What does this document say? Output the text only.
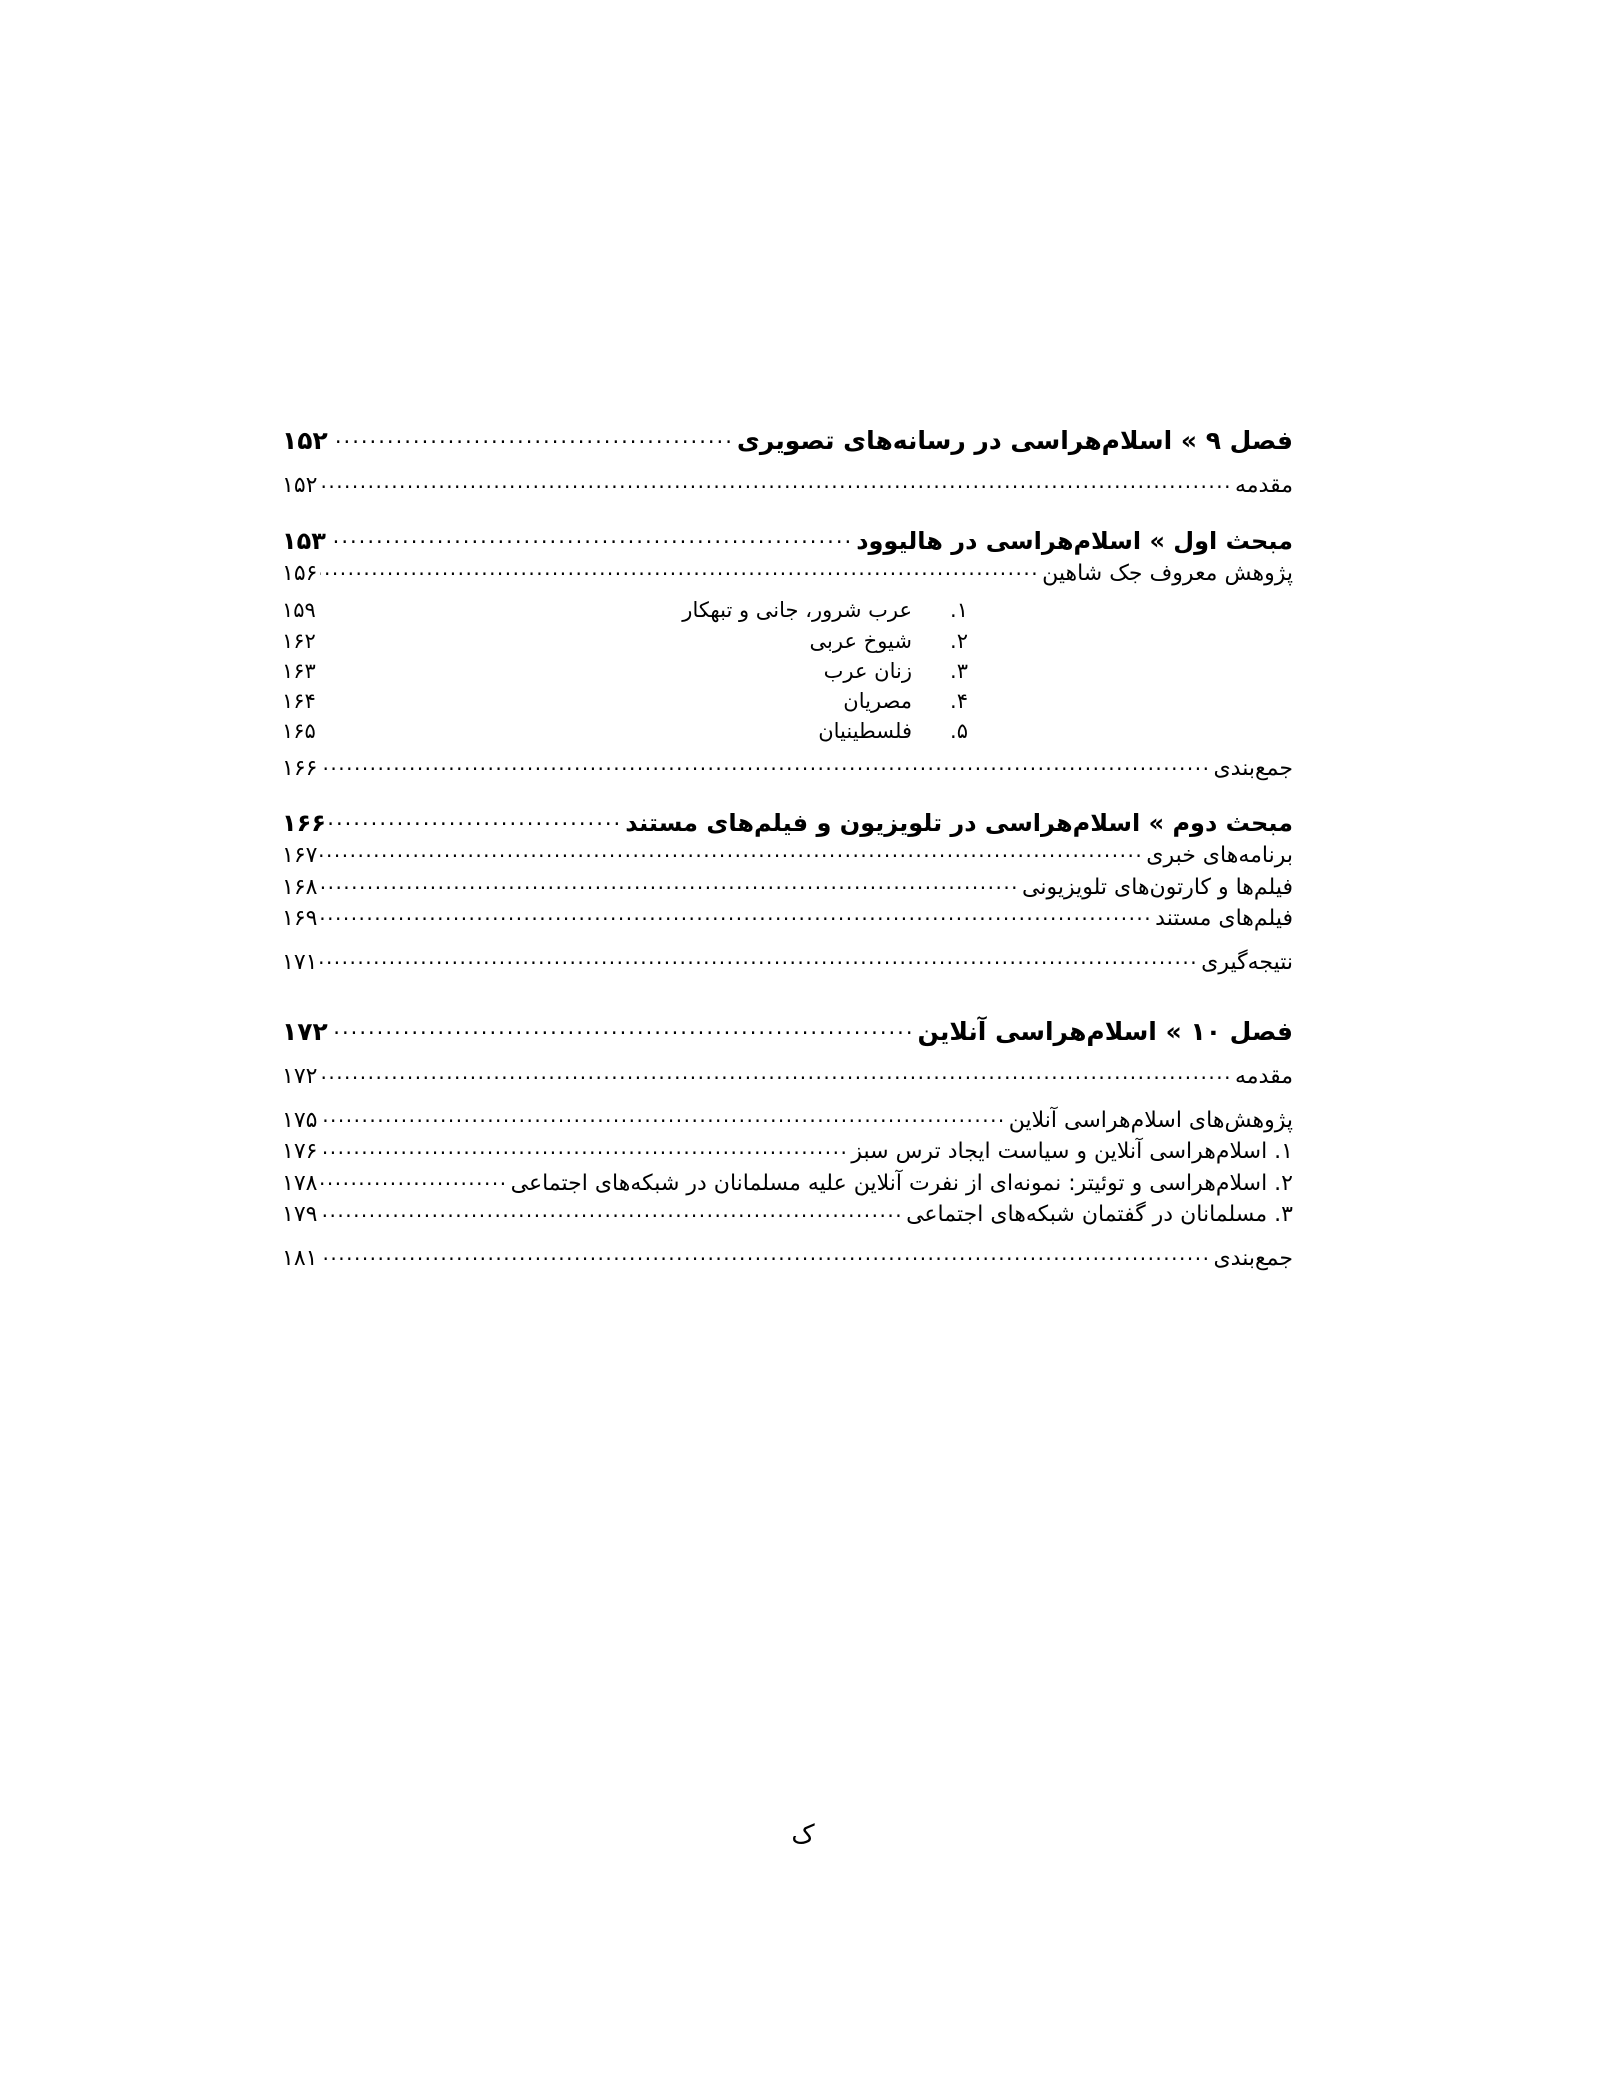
فصل ۹ » اسلام‌هراسی در رسانه‌های تصویری
.....
۱۵۲
مقدمه
.....
۱۵۲
مبحث اول » اسلام‌هراسی در هالیوود
.....
۱۵۳
پژوهش معروف جک شاهین
.....
۱۵۶
۱.
عرب شرور، جانی و تبهکار
۱۵۹
۲.
شیوخ عربی
۱۶۲
۳.
زنان عرب
۱۶۳
۴.
مصریان
۱۶۴
۵.
فلسطینیان
۱۶۵
جمع‌بندی
.....
۱۶۶
مبحث دوم » اسلام‌هراسی در تلویزیون و فیلم‌های مستند
.....
۱۶۶
برنامه‌های خبری
.....
۱۶۷
فیلم‌ها و کارتون‌های تلویزیونی
.....
۱۶۸
فیلم‌های مستند
.....
۱۶۹
نتیجه‌گیری
.....
۱۷۱
فصل ۱۰ » اسلام‌هراسی آنلاین
.....
۱۷۲
مقدمه
.....
۱۷۲
پژوهش‌های اسلام‌هراسی آنلاین
.....
۱۷۵
۱. اسلام‌هراسی آنلاین و سیاست ایجاد ترس سبز
.....
۱۷۶
۲. اسلام‌هراسی و توئیتر: نمونه‌ای از نفرت آنلاین علیه مسلمانان در شبکه‌های اجتماعی
.....
۱۷۸
۳. مسلمانان در گفتمان شبکه‌های اجتماعی
.....
۱۷۹
جمع‌بندی
.....
۱۸۱
ک
